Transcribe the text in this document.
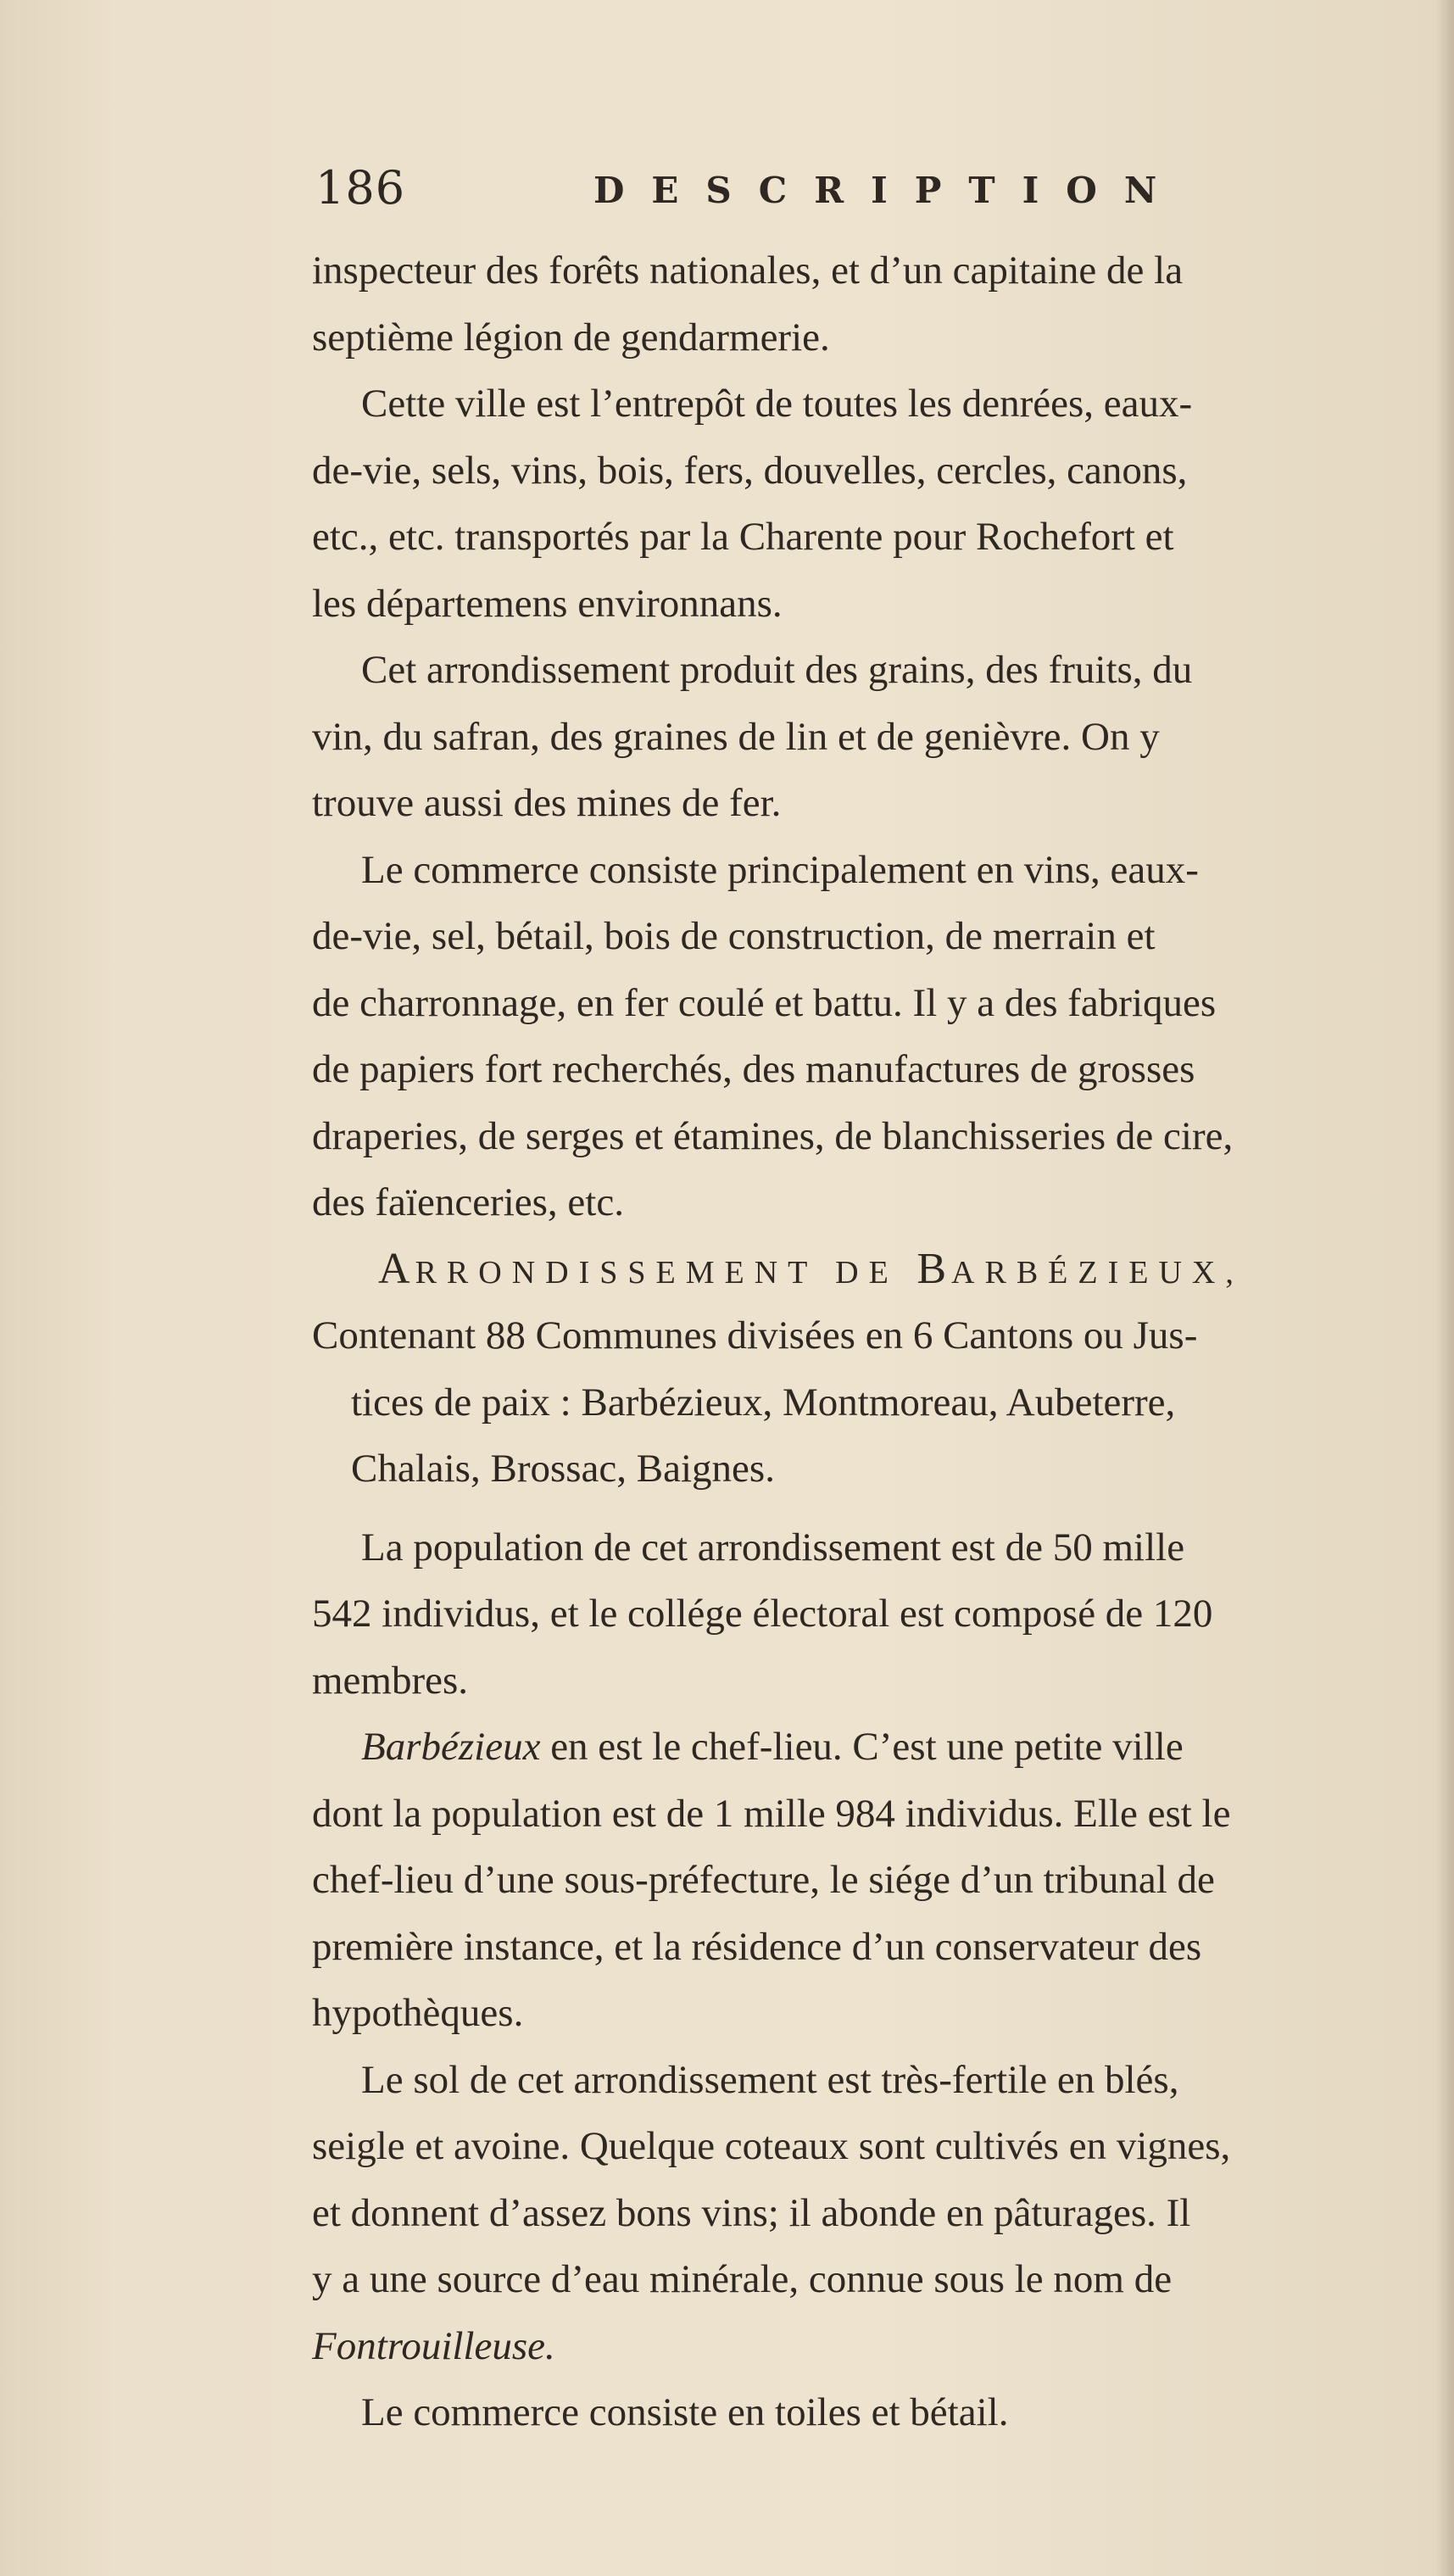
186	DESCRIPTION
inspecteur des forêts nationales, et d’un capitaine de la
septième légion de gendarmerie.
Cette ville est l’entrepôt de toutes les denrées, eaux-
de-vie, sels, vins, bois, fers, douvelles, cercles, canons,
etc., etc. transportés par la Charente pour Rochefort et
les départemens environnans.
Cet arrondissement produit des grains, des fruits, du
vin, du safran, des graines de lin et de genièvre. On y
trouve aussi des mines de fer.
Le commerce consiste principalement en vins, eaux-
de-vie, sel, bétail, bois de construction, de merrain et
de charronnage, en fer coulé et battu. Il y a des fabriques
de papiers fort recherchés, des manufactures de grosses
draperies, de serges et étamines, de blanchisseries de cire,
des faïenceries, etc.
ARRONDISSEMENT DE BARBÉZIEUX,
Contenant 88 Communes divisées en 6 Cantons ou Jus-
tices de paix : Barbézieux, Montmoreau, Aubeterre,
Chalais, Brossac, Baignes.
La population de cet arrondissement est de 50 mille
542 individus, et le collége électoral est composé de 120
membres.
Barbézieux en est le chef-lieu. C’est une petite ville
dont la population est de 1 mille 984 individus. Elle est le
chef-lieu d’une sous-préfecture, le siége d’un tribunal de
première instance, et la résidence d’un conservateur des
hypothèques.
Le sol de cet arrondissement est très-fertile en blés,
seigle et avoine. Quelque coteaux sont cultivés en vignes,
et donnent d’assez bons vins; il abonde en pâturages. Il
y a une source d’eau minérale, connue sous le nom de
Fontrouilleuse.
Le commerce consiste en toiles et bétail.
